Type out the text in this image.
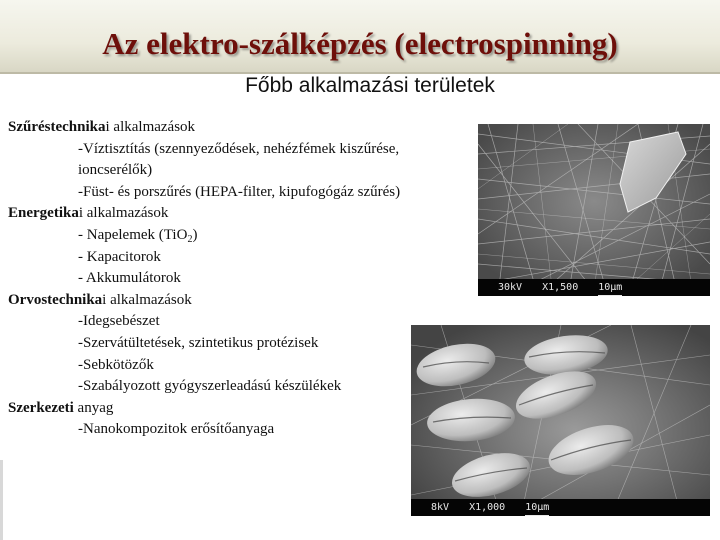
Az elektro-szálképzés (electrospinning)
Főbb alkalmazási területek
Szűréstechnikai alkalmazások
-Víztisztítás (szennyeződések, nehézfémek kiszűrése,
ioncserélők)
-Füst- és porszűrés (HEPA-filter, kipufogógáz szűrés)
Energetikai alkalmazások
- Napelemek (TiO$_2$)
- Kapacitorok
- Akkumulátorok
Orvostechnikai alkalmazások
-Idegsebészet
-Szervátültetések, szintetikus protézisek
-Sebkötözők
-Szabályozott gyógyszerleadású készülékek
Szerkezeti anyag
-Nanokompozitok erősítőanyaga
30kV X1,500 10μm
8kV X1,000 10μm
